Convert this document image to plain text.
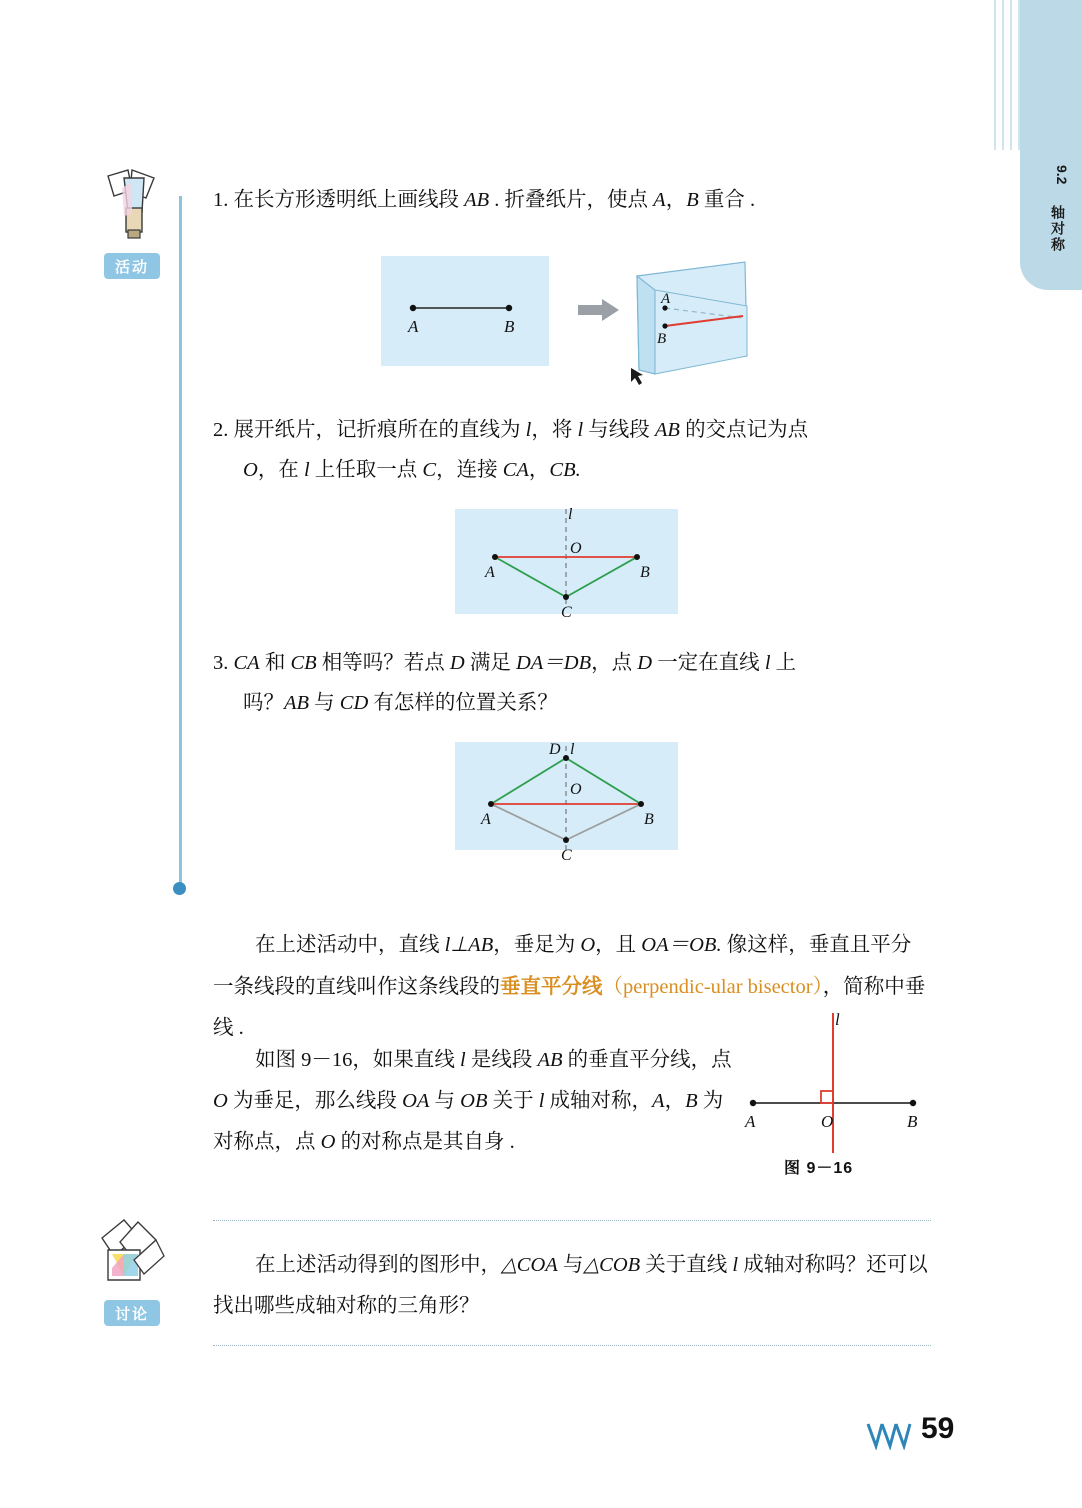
9.2
轴对称
活动
讨论
1. 在长方形透明纸上画线段 AB . 折叠纸片，使点 A，B 重合 .
A	B
A
B
2. 展开纸片，记折痕所在的直线为 l，将 l 与线段 AB 的交点记为点
O，在 l 上任取一点 C，连接 CA，CB.
l
O
A	B
C
3. CA 和 CB 相等吗？若点 D 满足 DA＝DB，点 D 一定在直线 l 上
吗？AB 与 CD 有怎样的位置关系？
D l
O
A	B
C
在上述活动中，直线 l⊥AB，垂足为 O，且 OA＝OB. 像这样，垂直且平分一条线段的直线叫作这条线段的垂直平分线（perpendic-ular bisector），简称中垂线 .
如图 9－16，如果直线 l 是线段 AB 的垂直平分线，点 O 为垂足，那么线段 OA 与 OB 关于 l 成轴对称，A，B 为对称点，点 O 的对称点是其自身 .
l
A	O	B
图 9－16
在上述活动得到的图形中，△COA 与△COB 关于直线 l 成轴对称吗？还可以找出哪些成轴对称的三角形？
59
